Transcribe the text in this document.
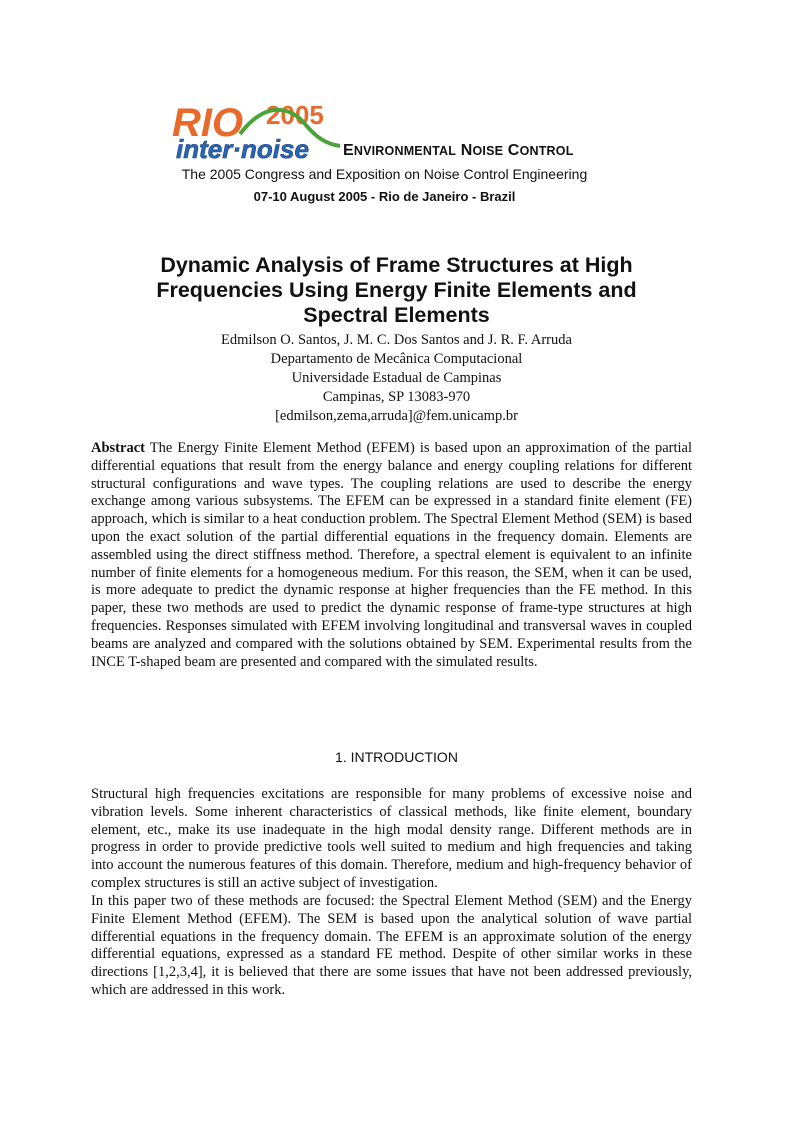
RIO 2005
inter·noise ENVIRONMENTAL NOISE CONTROL
The 2005 Congress and Exposition on Noise Control Engineering
07-10 August 2005 - Rio de Janeiro - Brazil
Dynamic Analysis of Frame Structures at High
Frequencies Using Energy Finite Elements and
Spectral Elements
Edmilson O. Santos, J. M. C. Dos Santos and J. R. F. Arruda
Departamento de Mecânica Computacional
Universidade Estadual de Campinas
Campinas, SP 13083-970
[edmilson,zema,arruda]@fem.unicamp.br
Abstract The Energy Finite Element Method (EFEM) is based upon an approximation of the partial differential equations that result from the energy balance and energy coupling relations for different structural configurations and wave types. The coupling relations are used to describe the energy exchange among various subsystems. The EFEM can be expressed in a standard finite element (FE) approach, which is similar to a heat conduction problem. The Spectral Element Method (SEM) is based upon the exact solution of the partial differential equations in the frequency domain. Elements are assembled using the direct stiffness method. Therefore, a spectral element is equivalent to an infinite number of finite elements for a homogeneous medium. For this reason, the SEM, when it can be used, is more adequate to predict the dynamic response at higher frequencies than the FE method. In this paper, these two methods are used to predict the dynamic response of frame-type structures at high frequencies. Responses simulated with EFEM involving longitudinal and transversal waves in coupled beams are analyzed and compared with the solutions obtained by SEM. Experimental results from the INCE T-shaped beam are presented and compared with the simulated results.
1. INTRODUCTION
Structural high frequencies excitations are responsible for many problems of excessive noise and vibration levels. Some inherent characteristics of classical methods, like finite element, boundary element, etc., make its use inadequate in the high modal density range. Different methods are in progress in order to provide predictive tools well suited to medium and high frequencies and taking into account the numerous features of this domain. Therefore, medium and high-frequency behavior of complex structures is still an active subject of investigation.
In this paper two of these methods are focused: the Spectral Element Method (SEM) and the Energy Finite Element Method (EFEM). The SEM is based upon the analytical solution of wave partial differential equations in the frequency domain. The EFEM is an approximate solution of the energy differential equations, expressed as a standard FE method. Despite of other similar works in these directions [1,2,3,4], it is believed that there are some issues that have not been addressed previously, which are addressed in this work.
